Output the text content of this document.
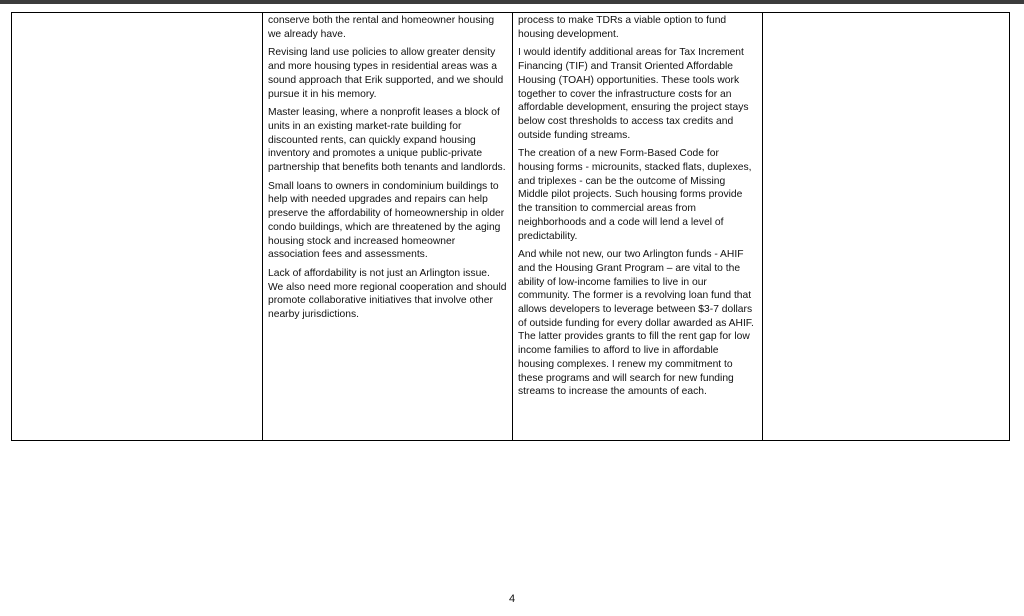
conserve both the rental and homeowner housing we already have.

Revising land use policies to allow greater density and more housing types in residential areas was a sound approach that Erik supported, and we should pursue it in his memory.

Master leasing, where a nonprofit leases a block of units in an existing market-rate building for discounted rents, can quickly expand housing inventory and promotes a unique public-private partnership that benefits both tenants and landlords.

Small loans to owners in condominium buildings to help with needed upgrades and repairs can help preserve the affordability of homeownership in older condo buildings, which are threatened by the aging housing stock and increased homeowner association fees and assessments.

Lack of affordability is not just an Arlington issue. We also need more regional cooperation and should promote collaborative initiatives that involve other nearby jurisdictions.

process to make TDRs a viable option to fund housing development.

I would identify additional areas for Tax Increment Financing (TIF) and Transit Oriented Affordable Housing (TOAH) opportunities. These tools work together to cover the infrastructure costs for an affordable development, ensuring the project stays below cost thresholds to access tax credits and outside funding streams.

The creation of a new Form-Based Code for housing forms - microunits, stacked flats, duplexes, and triplexes - can be the outcome of Missing Middle pilot projects. Such housing forms provide the transition to commercial areas from neighborhoods and a code will lend a level of predictability.

And while not new, our two Arlington funds - AHIF and the Housing Grant Program – are vital to the ability of low-income families to live in our community. The former is a revolving loan fund that allows developers to leverage between $3-7 dollars of outside funding for every dollar awarded as AHIF. The latter provides grants to fill the rent gap for low income families to afford to live in affordable housing complexes. I renew my commitment to these programs and will search for new funding streams to increase the amounts of each.

4
